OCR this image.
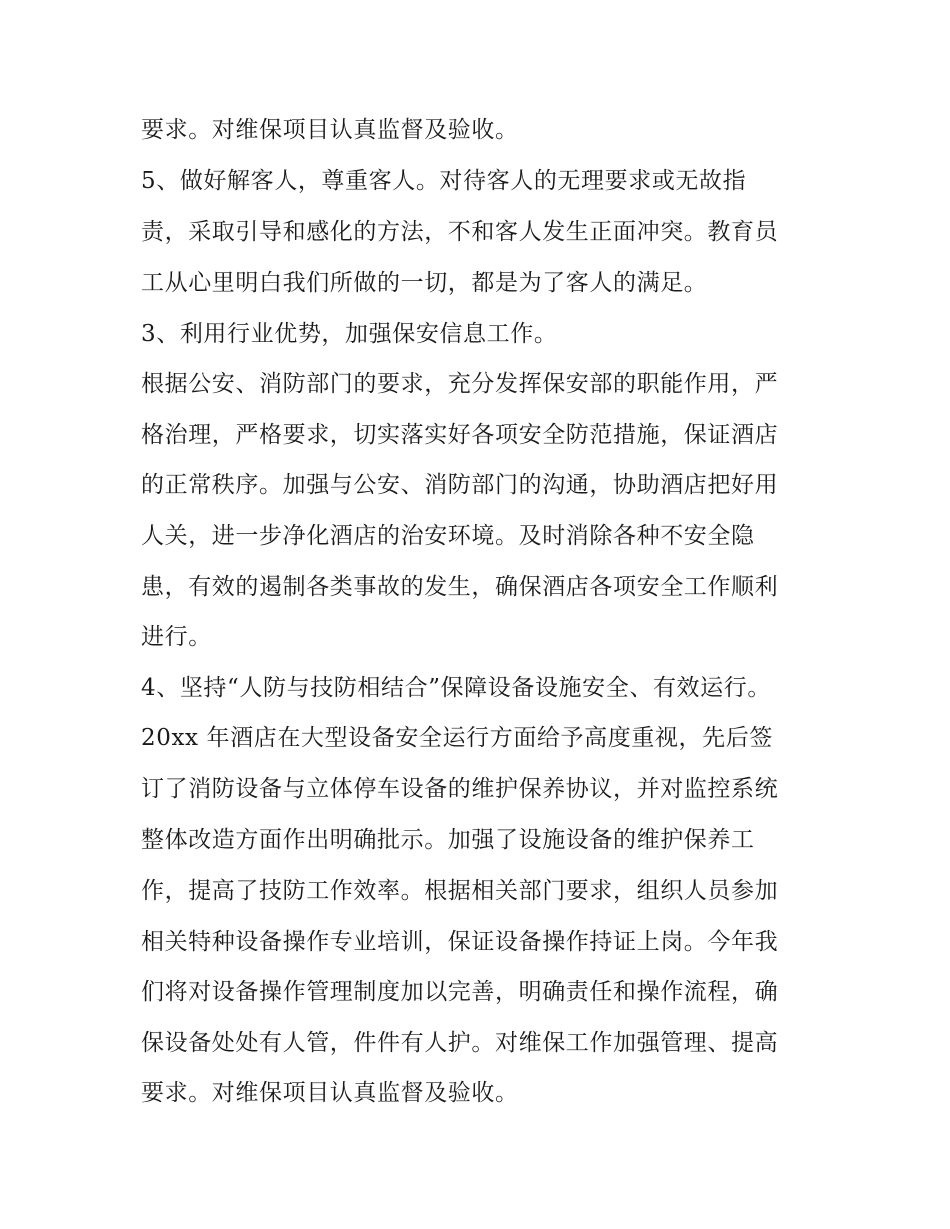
要求。对维保项目认真监督及验收。
5、做好解客人，尊重客人。对待客人的无理要求或无故指
责，采取引导和感化的方法，不和客人发生正面冲突。教育员
工从心里明白我们所做的一切，都是为了客人的满足。
3、利用行业优势，加强保安信息工作。
根据公安、消防部门的要求，充分发挥保安部的职能作用，严
格治理，严格要求，切实落实好各项安全防范措施，保证酒店
的正常秩序。加强与公安、消防部门的沟通，协助酒店把好用
人关，进一步净化酒店的治安环境。及时消除各种不安全隐
患，有效的遏制各类事故的发生，确保酒店各项安全工作顺利
进行。
4、坚持“人防与技防相结合”保障设备设施安全、有效运行。
20xx 年酒店在大型设备安全运行方面给予高度重视，先后签
订了消防设备与立体停车设备的维护保养协议，并对监控系统
整体改造方面作出明确批示。加强了设施设备的维护保养工
作，提高了技防工作效率。根据相关部门要求，组织人员参加
相关特种设备操作专业培训，保证设备操作持证上岗。今年我
们将对设备操作管理制度加以完善，明确责任和操作流程，确
保设备处处有人管，件件有人护。对维保工作加强管理、提高
要求。对维保项目认真监督及验收。
